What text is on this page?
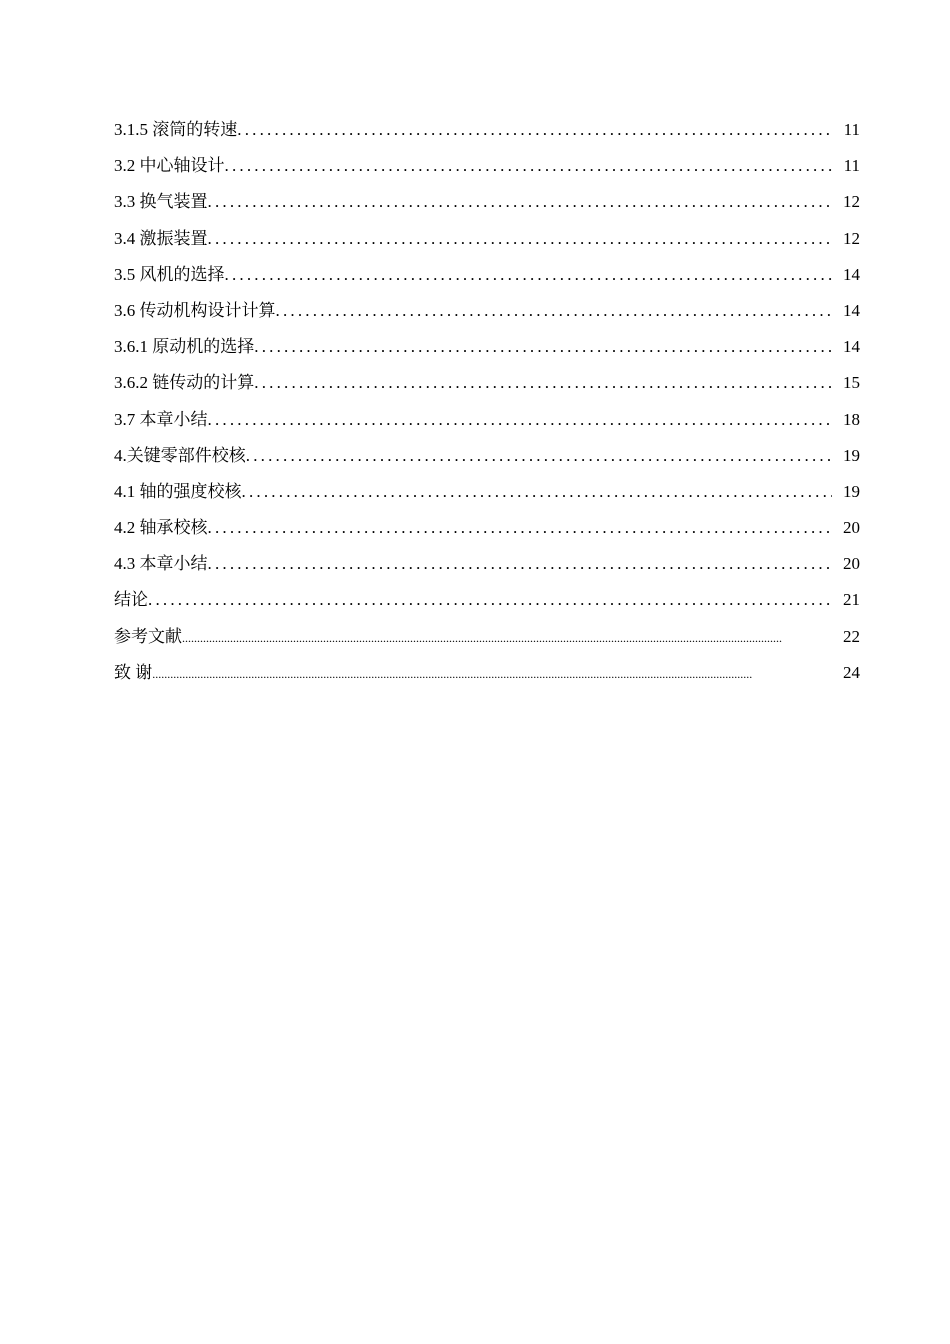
3.1.5 滚筒的转速 .....	11
3.2 中心轴设计 .....	11
3.3 换气装置 .....	12
3.4 激振装置 .....	12
3.5 风机的选择 .....	14
3.6 传动机构设计计算 .....	14
3.6.1 原动机的选择 .....	14
3.6.2 链传动的计算 .....	15
3.7 本章小结 .....	18
4.关键零部件校核 .....	19
4.1 轴的强度校核 .....	19
4.2 轴承校核 .....	20
4.3 本章小结 .....	20
结论 .....	21
参考文献 .....	22
致 谢 .....	24
